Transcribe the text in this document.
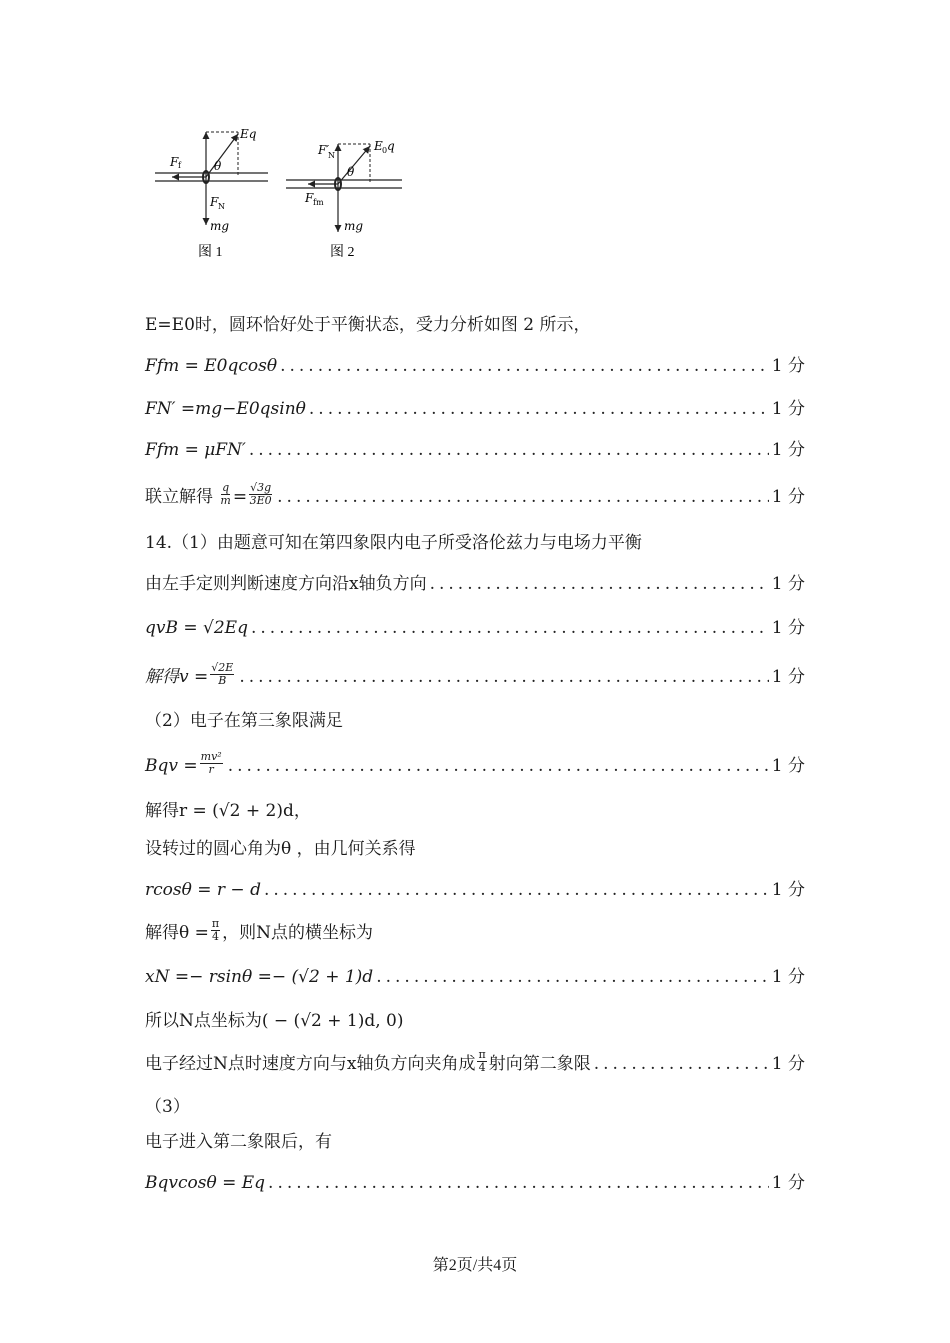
Eq
F f	θ
F N
mg
图 1
F′
N
E 0 q
θ
F fm
mg
图 2
E=E0时，圆环恰好处于平衡状态，受力分析如图 2 所示，
Ffm = E0qcosθ .....	1 分
FN′ =mg−E0qsinθ .....	1 分
Ffm = μFN′ .....	1 分
联立解得 $\frac{q}{m} = \frac{√3g}{3E0}$ .....	1 分
14.（1）由题意可知在第四象限内电子所受洛伦兹力与电场力平衡
由左手定则判断速度方向沿x轴负方向 .....	1 分
qvB = √2Eq .....	1 分
解得$v = \frac{√2E}{B}$ .....	1 分
（2）电子在第三象限满足
Bqv = $\frac{\text{mv²}}{r}$ .....	1 分
解得r = (√2 + 2)d，
设转过的圆心角为θ ，由几何关系得
rcosθ = r − d .....	1 分
解得$\theta = \frac{\pi}{4}$ ，则N点的横坐标为
xN =− rsinθ =− (√2 + 1)d .....	1 分
所以N点坐标为( − (√2 + 1)d, 0)
电子经过N点时速度方向与x轴负方向夹角成 $\frac{\pi}{4}$ 射向第二象限 .....	1 分
（3）
电子进入第二象限后，有
Bqvcosθ = Eq .....	1 分
第2页/共4页
